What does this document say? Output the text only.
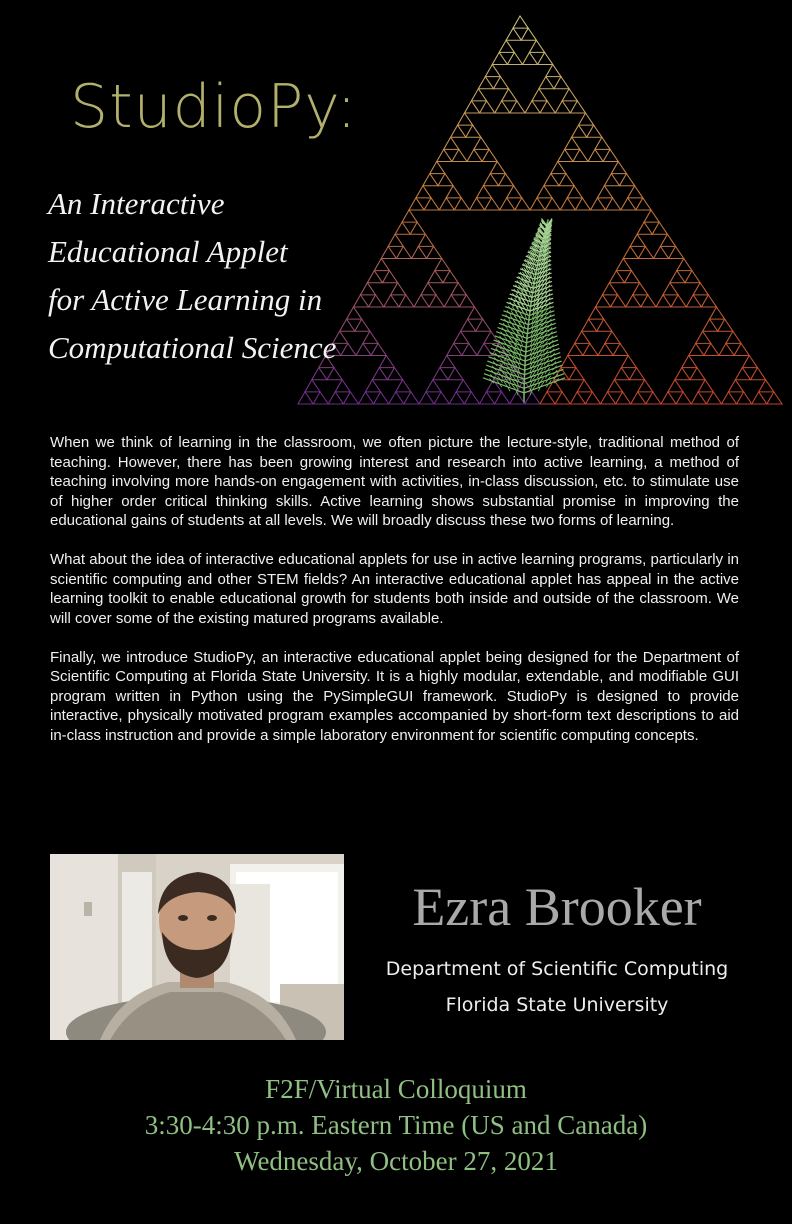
StudioPy:
An Interactive
Educational Applet
for Active Learning in
Computational Science

When we think of learning in the classroom, we often picture the lecture-style, traditional method of teaching. However, there has been growing interest and research into active learning, a method of teaching involving more hands-on engagement with activities, in-class discussion, etc. to stimulate use of higher order critical thinking skills. Active learning shows substantial promise in improving the educational gains of students at all levels. We will broadly discuss these two forms of learning.

What about the idea of interactive educational applets for use in active learning programs, particularly in scientific computing and other STEM fields? An interactive educational applet has appeal in the active learning toolkit to enable educational growth for students both inside and outside of the classroom. We will cover some of the existing matured programs available.

Finally, we introduce StudioPy, an interactive educational applet being designed for the Department of Scientific Computing at Florida State University. It is a highly modular, extendable, and modifiable GUI program written in Python using the PySimpleGUI framework. StudioPy is designed to provide interactive, physically motivated program examples accompanied by short-form text descriptions to aid in-class instruction and provide a simple laboratory environment for scientific computing concepts.

Ezra Brooker
Department of Scientific Computing
Florida State University
F2F/Virtual Colloquium
3:30-4:30 p.m. Eastern Time (US and Canada)
Wednesday, October 27, 2021
